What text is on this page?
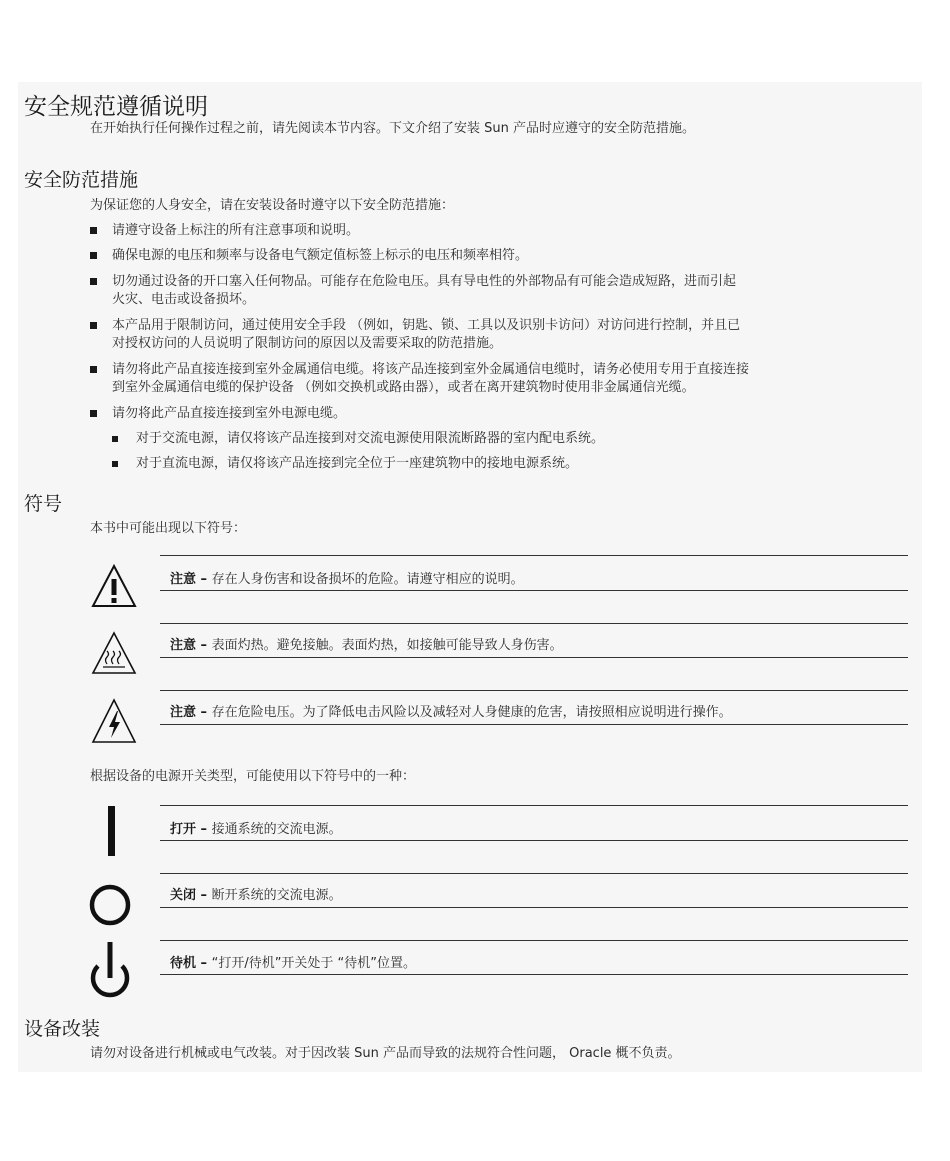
安全规范遵循说明
在开始执行任何操作过程之前，请先阅读本节内容。下文介绍了安装 Sun 产品时应遵守的安全防范措施。
安全防范措施
为保证您的人身安全，请在安装设备时遵守以下安全防范措施：
请遵守设备上标注的所有注意事项和说明。
确保电源的电压和频率与设备电气额定值标签上标示的电压和频率相符。
切勿通过设备的开口塞入任何物品。可能存在危险电压。具有导电性的外部物品有可能会造成短路，进而引起
火灾、电击或设备损坏。
本产品用于限制访问，通过使用安全手段 （例如，钥匙、锁、工具以及识别卡访问）对访问进行控制，并且已
对授权访问的人员说明了限制访问的原因以及需要采取的防范措施。
请勿将此产品直接连接到室外金属通信电缆。将该产品连接到室外金属通信电缆时，请务必使用专用于直接连接
到室外金属通信电缆的保护设备 （例如交换机或路由器），或者在离开建筑物时使用非金属通信光缆。
请勿将此产品直接连接到室外电源电缆。
对于交流电源，请仅将该产品连接到对交流电源使用限流断路器的室内配电系统。
对于直流电源，请仅将该产品连接到完全位于一座建筑物中的接地电源系统。
符号
本书中可能出现以下符号：
注意 – 存在人身伤害和设备损坏的危险。请遵守相应的说明。
注意 – 表面灼热。避免接触。表面灼热，如接触可能导致人身伤害。
注意 – 存在危险电压。为了降低电击风险以及减轻对人身健康的危害，请按照相应说明进行操作。
根据设备的电源开关类型，可能使用以下符号中的一种：
打开 – 接通系统的交流电源。
关闭 – 断开系统的交流电源。
待机 – “打开/待机”开关处于 “待机”位置。
设备改装
请勿对设备进行机械或电气改装。对于因改装 Sun 产品而导致的法规符合性问题， Oracle 概不负责。
